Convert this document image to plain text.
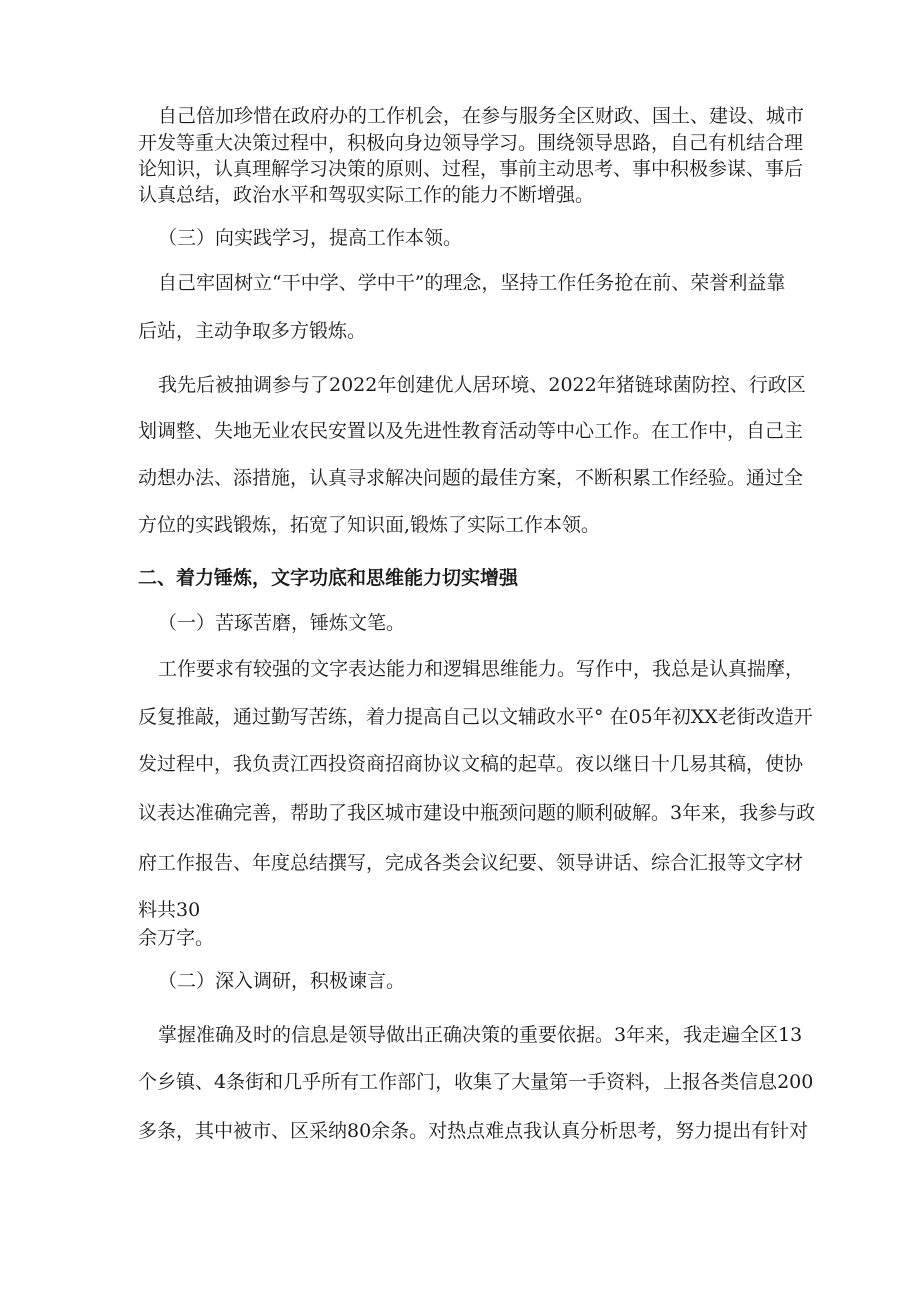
自己倍加珍惜在政府办的工作机会，在参与服务全区财政、国土、建设、城市
开发等重大决策过程中，积极向身边领导学习。围绕领导思路，自己有机结合理
论知识，认真理解学习决策的原则、过程，事前主动思考、事中积极参谋、事后
认真总结，政治水平和驾驭实际工作的能力不断增强。
（三）向实践学习，提高工作本领。
自己牢固树立“干中学、学中干”的理念，坚持工作任务抢在前、荣誉利益靠
后站，主动争取多方锻炼。
我先后被抽调参与了2022年创建优人居环境、2022年猪链球菌防控、行政区
划调整、失地无业农民安置以及先进性教育活动等中心工作。在工作中，自己主
动想办法、添措施，认真寻求解决问题的最佳方案，不断积累工作经验。通过全
方位的实践锻炼，拓宽了知识面,锻炼了实际工作本领。
二、着力锤炼，文字功底和思维能力切实增强
（一）苦琢苦磨，锤炼文笔。
工作要求有较强的文字表达能力和逻辑思维能力。写作中，我总是认真揣摩，
反复推敲，通过勤写苦练，着力提高自己以文辅政水平° 在05年初XX老街改造开
发过程中，我负责江西投资商招商协议文稿的起草。夜以继日十几易其稿，使协
议表达准确完善，帮助了我区城市建设中瓶颈问题的顺利破解。3年来，我参与政
府工作报告、年度总结撰写，完成各类会议纪要、领导讲话、综合汇报等文字材
料共30
余万字。
（二）深入调研，积极谏言。
掌握准确及时的信息是领导做出正确决策的重要依据。3年来，我走遍全区13
个乡镇、4条街和几乎所有工作部门，收集了大量第一手资料，上报各类信息200
多条，其中被市、区采纳80余条。对热点难点我认真分析思考，努力提出有针对
